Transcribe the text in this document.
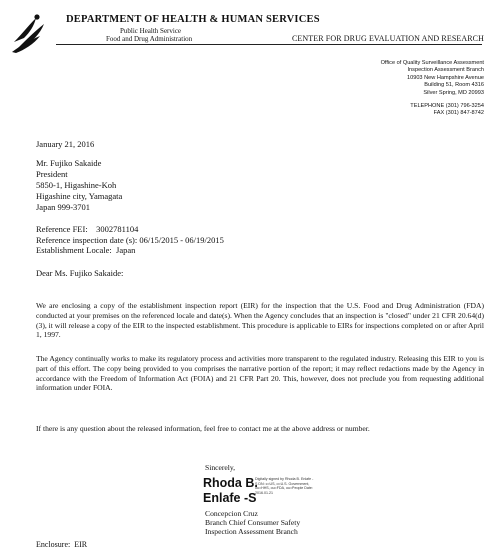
DEPARTMENT OF HEALTH & HUMAN SERVICES
Public Health Service
Food and Drug Administration	CENTER FOR DRUG EVALUATION AND RESEARCH
Office of Quality Surveillance Assessment
Inspection Assessment Branch
10903 New Hampshire Avenue
Building 51, Room 4316
Silver Spring, MD 20993
TELEPHONE (301) 796-3254
FAX (301) 847-8742
January 21, 2016
Mr. Fujiko Sakaide
President
5850-1, Higashine-Koh
Higashine city, Yamagata
Japan 999-3701
Reference FEI:    3002781104
Reference inspection date (s): 06/15/2015 - 06/19/2015
Establishment Locale:  Japan
Dear Ms. Fujiko Sakaide:
We are enclosing a copy of the establishment inspection report (EIR) for the inspection that the U.S. Food and Drug Administration (FDA) conducted at your premises on the referenced locale and date(s). When the Agency concludes that an inspection is "closed" under 21 CFR 20.64(d)(3), it will release a copy of the EIR to the inspected establishment. This procedure is applicable to EIRs for inspections completed on or after April 1, 1997.
The Agency continually works to make its regulatory process and activities more transparent to the regulated industry. Releasing this EIR to you is part of this effort. The copy being provided to you comprises the narrative portion of the report; it may reflect redactions made by the Agency in accordance with the Freedom of Information Act (FOIA) and 21 CFR Part 20. This, however, does not preclude you from requesting additional information under FOIA.
If there is any question about the released information, feel free to contact me at the above address or number.
Sincerely,
Rhoda B.
Enlafe -S
Digitally signed by Rhoda B. Enlafe -S DN: c=US, o=U.S. Government, ou=HHS, ou=FDA, ou=People Date: 2016.01.21
Concepcion Cruz
Branch Chief Consumer Safety
Inspection Assessment Branch
Enclosure:  EIR
